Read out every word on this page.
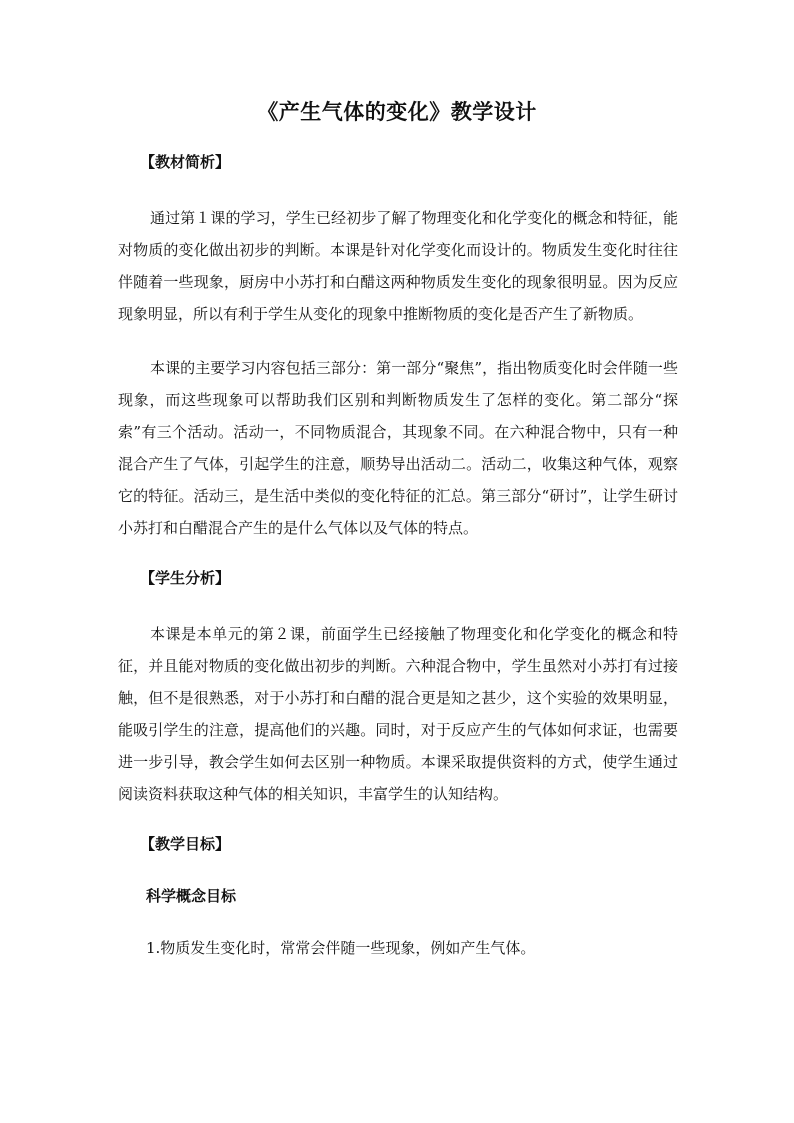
《产生气体的变化》教学设计
【教材简析】

通过第１课的学习，学生已经初步了解了物理变化和化学变化的概念和特征，能对物质的变化做出初步的判断。本课是针对化学变化而设计的。物质发生变化时往往伴随着一些现象，厨房中小苏打和白醋这两种物质发生变化的现象很明显。因为反应现象明显，所以有利于学生从变化的现象中推断物质的变化是否产生了新物质。

本课的主要学习内容包括三部分：第一部分“聚焦”，指出物质变化时会伴随一些现象，而这些现象可以帮助我们区别和判断物质发生了怎样的变化。第二部分“探索”有三个活动。活动一，不同物质混合，其现象不同。在六种混合物中，只有一种混合产生了气体，引起学生的注意，顺势导出活动二。活动二，收集这种气体，观察它的特征。活动三，是生活中类似的变化特征的汇总。第三部分“研讨”，让学生研讨小苏打和白醋混合产生的是什么气体以及气体的特点。

【学生分析】

本课是本单元的第２课，前面学生已经接触了物理变化和化学变化的概念和特征，并且能对物质的变化做出初步的判断。六种混合物中，学生虽然对小苏打有过接触，但不是很熟悉，对于小苏打和白醋的混合更是知之甚少，这个实验的效果明显，能吸引学生的注意，提高他们的兴趣。同时，对于反应产生的气体如何求证，也需要进一步引导，教会学生如何去区别一种物质。本课采取提供资料的方式，使学生通过阅读资料获取这种气体的相关知识，丰富学生的认知结构。

【教学目标】
科学概念目标

1.物质发生变化时，常常会伴随一些现象，例如产生气体。
